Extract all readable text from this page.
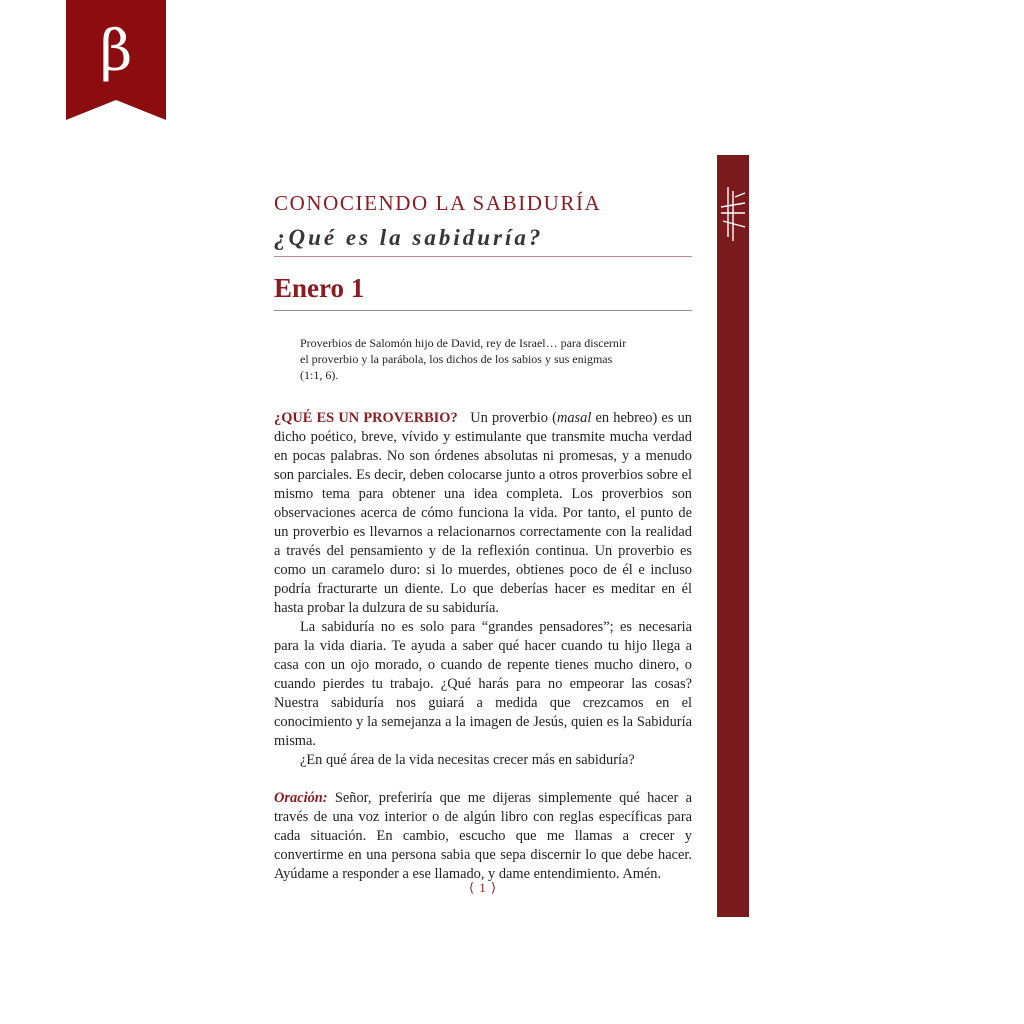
β
CONOCIENDO LA SABIDURÍA
¿Qué es la sabiduría?
Enero 1
Proverbios de Salomón hijo de David, rey de Israel… para discernir
el proverbio y la parábola, los dichos de los sabios y sus enigmas
(1:1, 6).

¿QUÉ ES UN PROVERBIO? Un proverbio (masal en hebreo) es un dicho poético, breve, vívido y estimulante que transmite mucha verdad en pocas palabras. No son órdenes absolutas ni promesas, y a menudo son parciales. Es decir, deben colocarse junto a otros proverbios sobre el mismo tema para obtener una idea completa. Los proverbios son observaciones acerca de cómo funciona la vida. Por tanto, el punto de un proverbio es llevarnos a relacionarnos correctamente con la realidad a través del pensamiento y de la reflexión continua. Un proverbio es como un caramelo duro: si lo muerdes, obtienes poco de él e incluso podría fracturarte un diente. Lo que deberías hacer es meditar en él hasta probar la dulzura de su sabiduría.

La sabiduría no es solo para “grandes pensadores”; es necesaria para la vida diaria. Te ayuda a saber qué hacer cuando tu hijo llega a casa con un ojo morado, o cuando de repente tienes mucho dinero, o cuando pierdes tu trabajo. ¿Qué harás para no empeorar las cosas? Nuestra sabiduría nos guiará a medida que crezcamos en el conocimiento y la semejanza a la imagen de Jesús, quien es la Sabiduría misma.

¿En qué área de la vida necesitas crecer más en sabiduría?

Oración: Señor, preferiría que me dijeras simplemente qué hacer a través de una voz interior o de algún libro con reglas específicas para cada situación. En cambio, escucho que me llamas a crecer y convertirme en una persona sabia que sepa discernir lo que debe hacer. Ayúdame a responder a ese llamado, y dame entendimiento. Amén.

⟨ 1 ⟩
